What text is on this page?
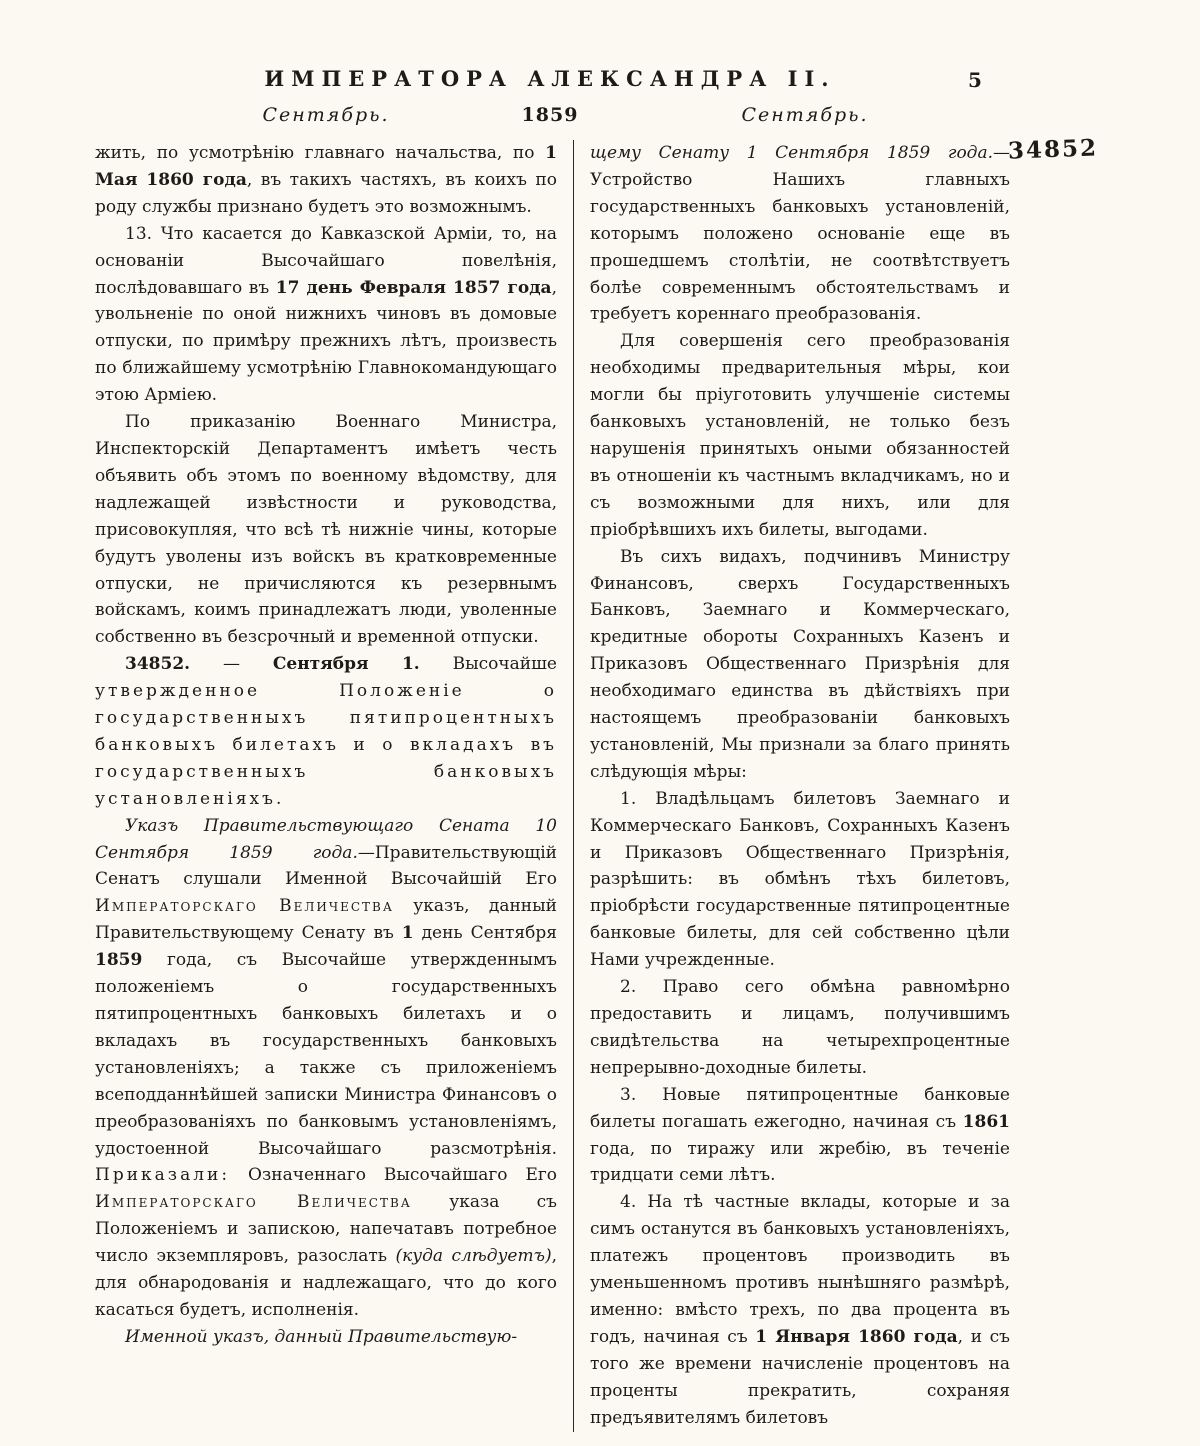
ИМПЕРАТОРА АЛЕКСАНДРА II.	5
Сентябрь.	1859	Сентябрь.
34852

жить, по усмотрѣнію главнаго начальства, по 1 Мая 1860 года, въ такихъ частяхъ, въ коихъ по роду службы признано будетъ это возможнымъ.

13. Что касается до Кавказской Арміи, то, на основаніи Высочайшаго повелѣнія, послѣдовавшаго въ 17 день Февраля 1857 года, увольненіе по оной нижнихъ чиновъ въ домовые отпуски, по примѣру прежнихъ лѣтъ, произвесть по ближайшему усмотрѣнію Главнокомандующаго этою Арміею.

По приказанію Военнаго Министра, Инспекторскій Департаментъ имѣетъ честь объявить объ этомъ по военному вѣдомству, для надлежащей извѣстности и руководства, присовокупляя, что всѣ тѣ нижніе чины, которые будутъ уволены изъ войскъ въ кратковременные отпуски, не причисляются къ резервнымъ войскамъ, коимъ принадлежатъ люди, уволенные собственно въ безсрочный и временной отпуски.

34852. — Сентября 1. Высочайше утвержденное Положеніе о государственныхъ пятипроцентныхъ банковыхъ билетахъ и о вкладахъ въ государственныхъ банковыхъ установленіяхъ.

Указъ Правительствующаго Сената 10 Сентября 1859 года.—Правительствующій Сенатъ слушали Именной Высочайшій Его Императорскаго Величества указъ, данный Правительствующему Сенату въ 1 день Сентября 1859 года, съ Высочайше утвержденнымъ положеніемъ о государственныхъ пятипроцентныхъ банковыхъ билетахъ и о вкладахъ въ государственныхъ банковыхъ установленіяхъ; а также съ приложеніемъ всеподданнѣйшей записки Министра Финансовъ о преобразованіяхъ по банковымъ установленіямъ, удостоенной Высочайшаго разсмотрѣнія. Приказали: Означеннаго Высочайшаго Его Императорскаго Величества указа съ Положеніемъ и запискою, напечатавъ потребное число экземпляровъ, разослать (куда слѣдуетъ), для обнародованія и надлежащаго, что до кого касаться будетъ, исполненія.

Именной указъ, данный Правительствую-

щему Сенату 1 Сентября 1859 года.—Устройство Нашихъ главныхъ государственныхъ банковыхъ установленій, которымъ положено основаніе еще въ прошедшемъ столѣтіи, не соотвѣтствуетъ болѣе современнымъ обстоятельствамъ и требуетъ кореннаго преобразованія.

Для совершенія сего преобразованія необходимы предварительныя мѣры, кои могли бы пріуготовить улучшеніе системы банковыхъ установленій, не только безъ нарушенія принятыхъ оными обязанностей въ отношеніи къ частнымъ вкладчикамъ, но и съ возможными для нихъ, или для пріобрѣвшихъ ихъ билеты, выгодами.

Въ сихъ видахъ, подчинивъ Министру Финансовъ, сверхъ Государственныхъ Банковъ, Заемнаго и Коммерческаго, кредитные обороты Сохранныхъ Казенъ и Приказовъ Общественнаго Призрѣнія для необходимаго единства въ дѣйствіяхъ при настоящемъ преобразованіи банковыхъ установленій, Мы признали за благо принять слѣдующія мѣры:

1. Владѣльцамъ билетовъ Заемнаго и Коммерческаго Банковъ, Сохранныхъ Казенъ и Приказовъ Общественнаго Призрѣнія, разрѣшить: въ обмѣнъ тѣхъ билетовъ, пріобрѣсти государственные пятипроцентные банковые билеты, для сей собственно цѣли Нами учрежденные.

2. Право сего обмѣна равномѣрно предоставить и лицамъ, получившимъ свидѣтельства на четырехпроцентные непрерывно-доходные билеты.

3. Новые пятипроцентные банковые билеты погашать ежегодно, начиная съ 1861 года, по тиражу или жребію, въ теченіе тридцати семи лѣтъ.

4. На тѣ частные вклады, которые и за симъ останутся въ банковыхъ установленіяхъ, платежъ процентовъ производить въ уменьшенномъ противъ нынѣшняго размѣрѣ, именно: вмѣсто трехъ, по два процента въ годъ, начиная съ 1 Января 1860 года, и съ того же времени начисленіе процентовъ на проценты прекратить, сохраняя предъявителямъ билетовъ
